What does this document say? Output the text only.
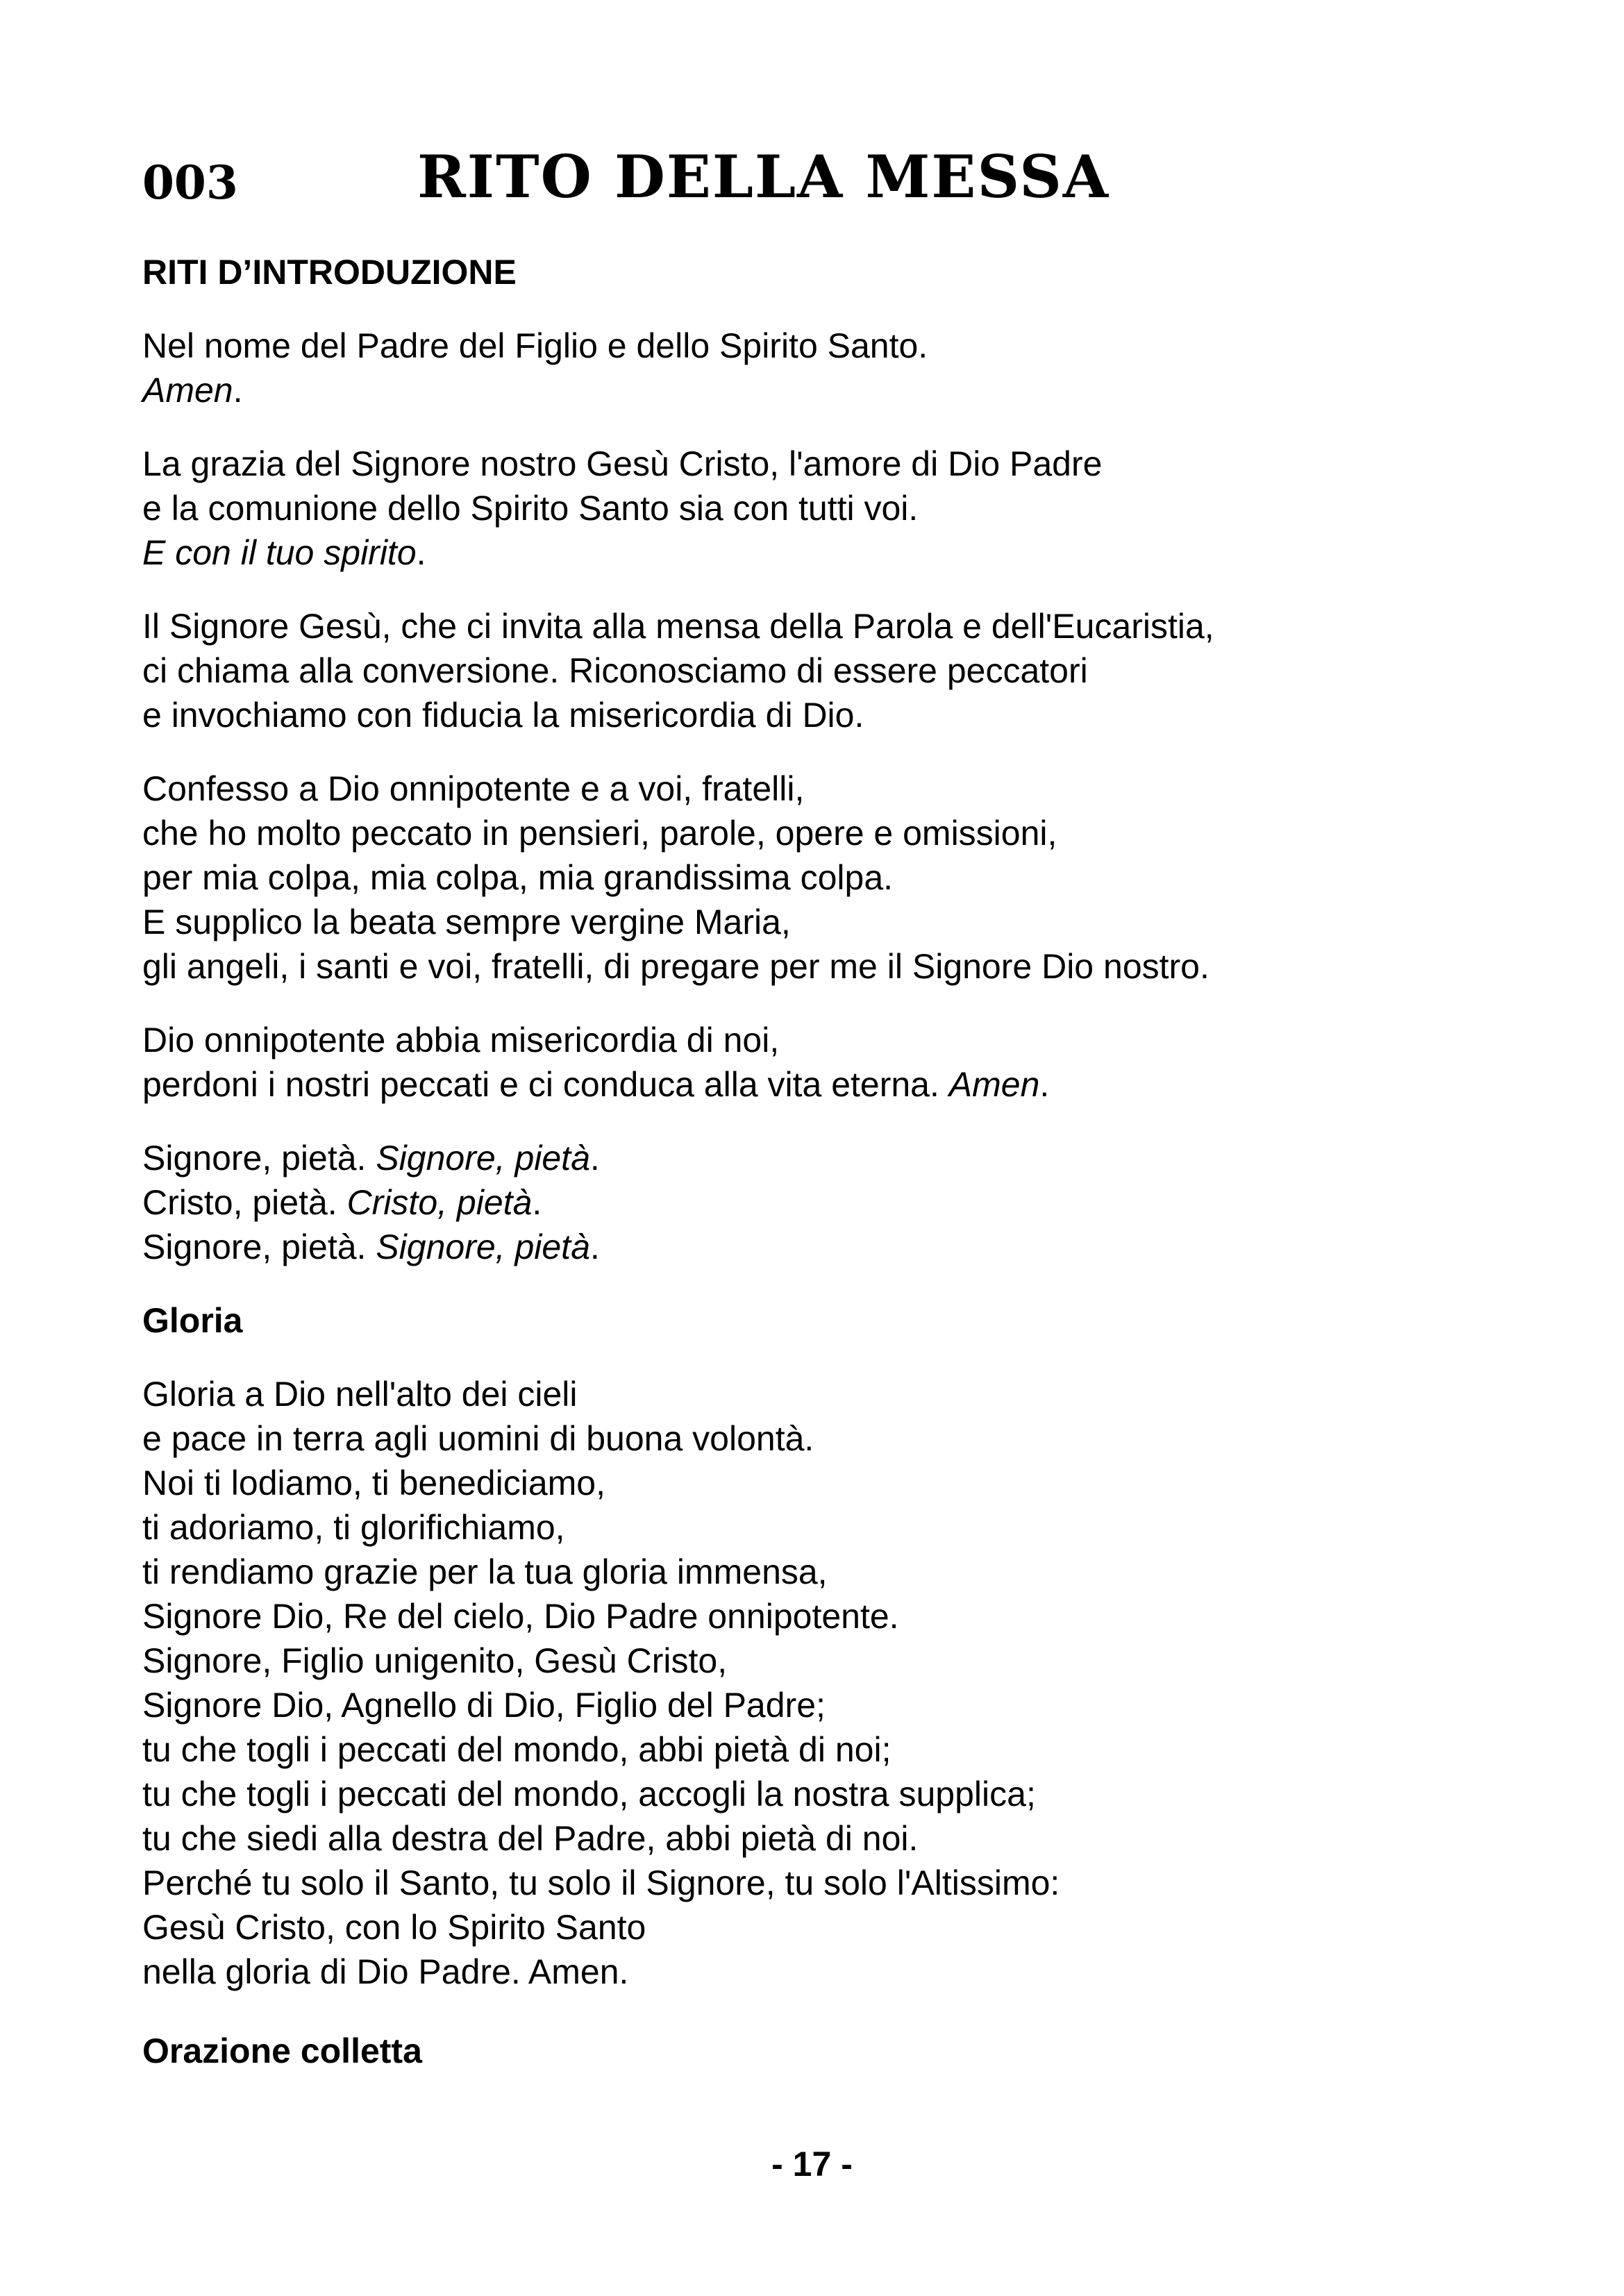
003	RITO DELLA MESSA
RITI D’INTRODUZIONE
Nel nome del Padre del Figlio e dello Spirito Santo.
Amen.
La grazia del Signore nostro Gesù Cristo, l'amore di Dio Padre
e la comunione dello Spirito Santo sia con tutti voi.
E con il tuo spirito.
Il Signore Gesù, che ci invita alla mensa della Parola e dell'Eucaristia,
ci chiama alla conversione. Riconosciamo di essere peccatori
e invochiamo con fiducia la misericordia di Dio.
Confesso a Dio onnipotente e a voi, fratelli,
che ho molto peccato in pensieri, parole, opere e omissioni,
per mia colpa, mia colpa, mia grandissima colpa.
E supplico la beata sempre vergine Maria,
gli angeli, i santi e voi, fratelli, di pregare per me il Signore Dio nostro.
Dio onnipotente abbia misericordia di noi,
perdoni i nostri peccati e ci conduca alla vita eterna. Amen.
Signore, pietà. Signore, pietà.
Cristo, pietà. Cristo, pietà.
Signore, pietà. Signore, pietà.
Gloria
Gloria a Dio nell'alto dei cieli
e pace in terra agli uomini di buona volontà.
Noi ti lodiamo, ti benediciamo,
ti adoriamo, ti glorifichiamo,
ti rendiamo grazie per la tua gloria immensa,
Signore Dio, Re del cielo, Dio Padre onnipotente.
Signore, Figlio unigenito, Gesù Cristo,
Signore Dio, Agnello di Dio, Figlio del Padre;
tu che togli i peccati del mondo, abbi pietà di noi;
tu che togli i peccati del mondo, accogli la nostra supplica;
tu che siedi alla destra del Padre, abbi pietà di noi.
Perché tu solo il Santo, tu solo il Signore, tu solo l'Altissimo:
Gesù Cristo, con lo Spirito Santo
nella gloria di Dio Padre. Amen.
Orazione colletta
- 17 -
